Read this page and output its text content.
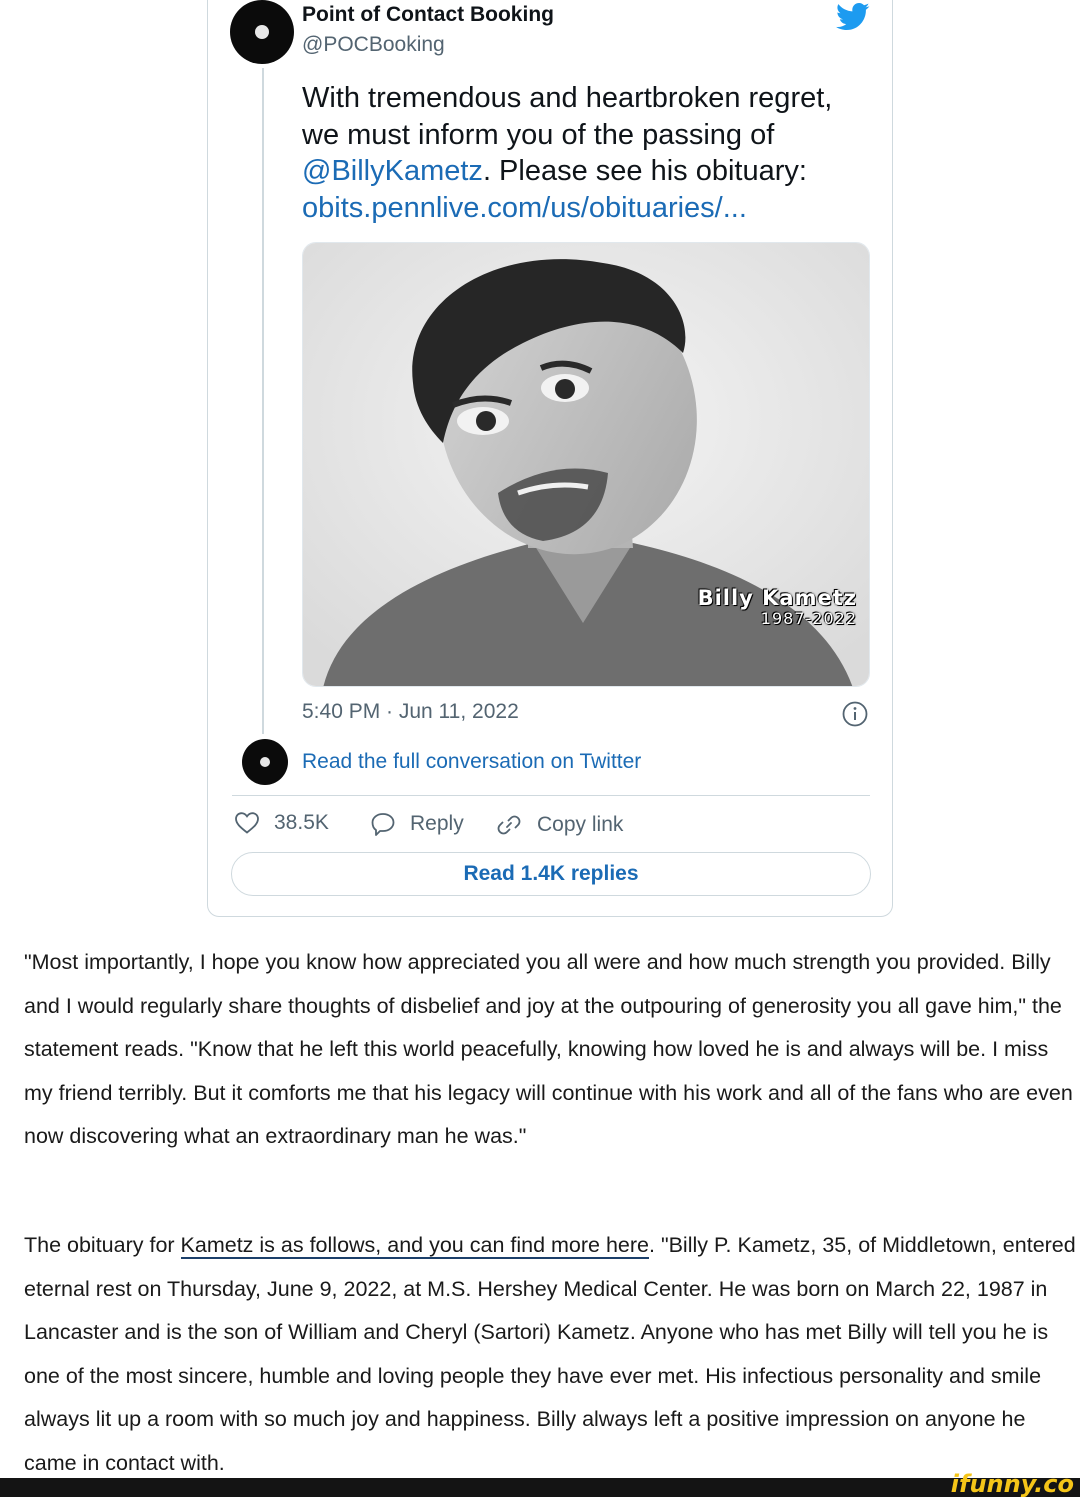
Point of Contact Booking
@POCBooking
With tremendous and heartbroken regret, we must inform you of the passing of @BillyKametz. Please see his obituary: obits.pennlive.com/us/obituaries/...
Billy Kametz
1987-2022
5:40 PM · Jun 11, 2022
Read the full conversation on Twitter
38.5K	Reply	Copy link
Read 1.4K replies
"Most importantly, I hope you know how appreciated you all were and how much strength you provided. Billy and I would regularly share thoughts of disbelief and joy at the outpouring of generosity you all gave him," the statement reads. "Know that he left this world peacefully, knowing how loved he is and always will be. I miss my friend terribly. But it comforts me that his legacy will continue with his work and all of the fans who are even now discovering what an extraordinary man he was."
The obituary for Kametz is as follows, and you can find more here. "Billy P. Kametz, 35, of Middletown, entered eternal rest on Thursday, June 9, 2022, at M.S. Hershey Medical Center. He was born on March 22, 1987 in Lancaster and is the son of William and Cheryl (Sartori) Kametz. Anyone who has met Billy will tell you he is one of the most sincere, humble and loving people they have ever met. His infectious personality and smile always lit up a room with so much joy and happiness. Billy always left a positive impression on anyone he came in contact with.
ifunny.co
